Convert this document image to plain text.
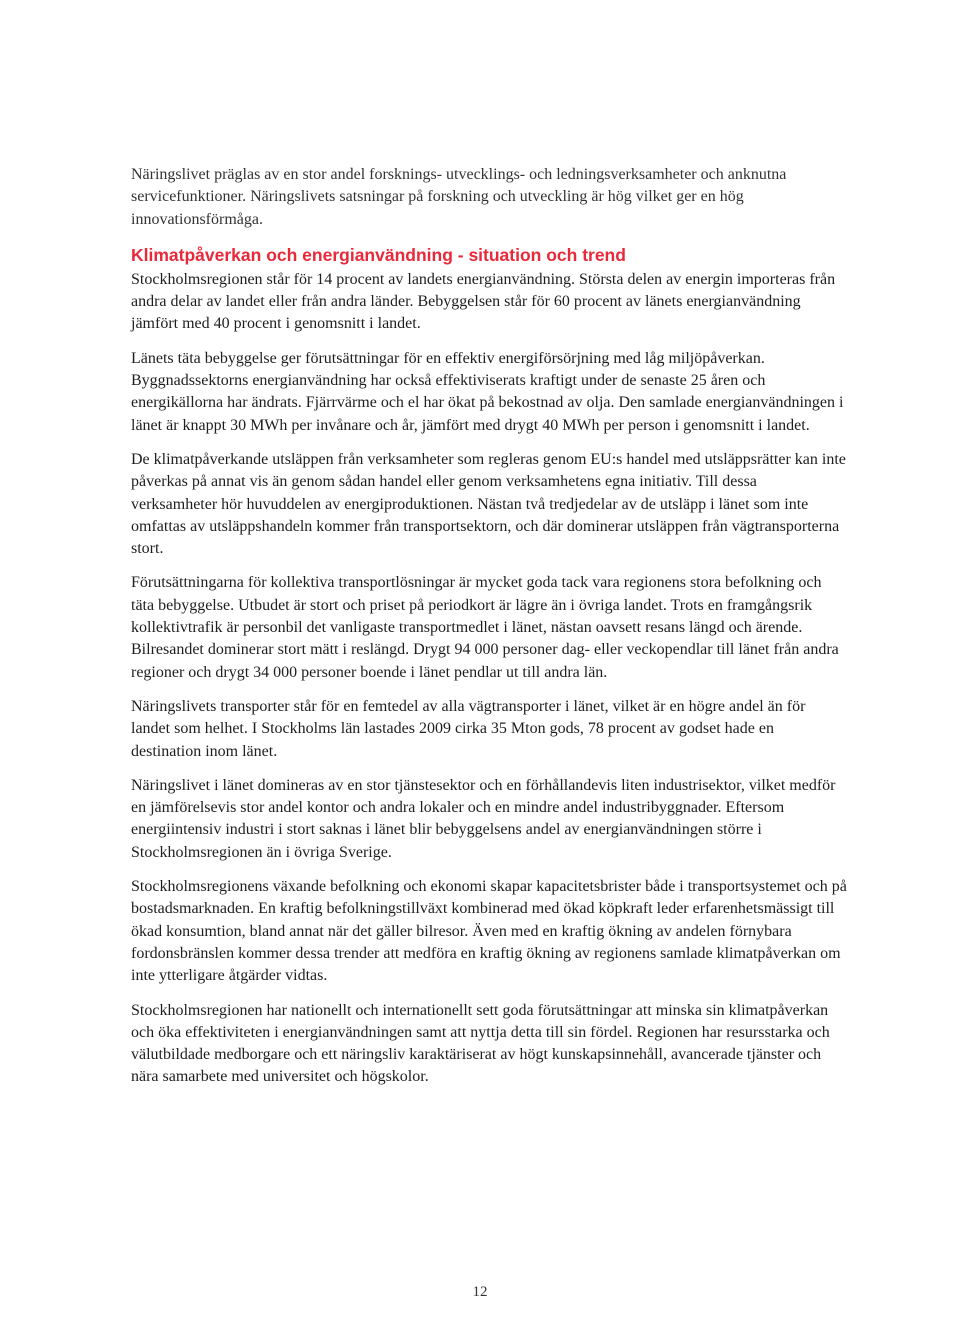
Näringslivet präglas av en stor andel forsknings- utvecklings- och ledningsverksamheter och anknutna servicefunktioner. Näringslivets satsningar på forskning och utveckling är hög vilket ger en hög innovationsförmåga.

Klimatpåverkan och energianvändning - situation och trend

Stockholmsregionen står för 14 procent av landets energianvändning. Största delen av energin importeras från andra delar av landet eller från andra länder. Bebyggelsen står för 60 procent av länets energianvändning jämfört med 40 procent i genomsnitt i landet.

Länets täta bebyggelse ger förutsättningar för en effektiv energiförsörjning med låg miljöpåverkan. Byggnadssektorns energianvändning har också effektiviserats kraftigt under de senaste 25 åren och energikällorna har ändrats. Fjärrvärme och el har ökat på bekostnad av olja. Den samlade energianvändningen i länet är knappt 30 MWh per invånare och år, jämfört med drygt 40 MWh per person i genomsnitt i landet.

De klimatpåverkande utsläppen från verksamheter som regleras genom EU:s handel med utsläppsrätter kan inte påverkas på annat vis än genom sådan handel eller genom verksamhetens egna initiativ. Till dessa verksamheter hör huvuddelen av energiproduktionen. Nästan två tredjedelar av de utsläpp i länet som inte omfattas av utsläppshandeln kommer från transportsektorn, och där dominerar utsläppen från vägtransporterna stort.

Förutsättningarna för kollektiva transportlösningar är mycket goda tack vara regionens stora befolkning och täta bebyggelse. Utbudet är stort och priset på periodkort är lägre än i övriga landet. Trots en framgångsrik kollektivtrafik är personbil det vanligaste transportmedlet i länet, nästan oavsett resans längd och ärende. Bilresandet dominerar stort mätt i reslängd. Drygt 94 000 personer dag- eller veckopendlar till länet från andra regioner och drygt 34 000 personer boende i länet pendlar ut till andra län.

Näringslivets transporter står för en femtedel av alla vägtransporter i länet, vilket är en högre andel än för landet som helhet. I Stockholms län lastades 2009 cirka 35 Mton gods, 78 procent av godset hade en destination inom länet.

Näringslivet i länet domineras av en stor tjänstesektor och en förhållandevis liten industrisektor, vilket medför en jämförelsevis stor andel kontor och andra lokaler och en mindre andel industribyggnader. Eftersom energiintensiv industri i stort saknas i länet blir bebyggelsens andel av energianvändningen större i Stockholmsregionen än i övriga Sverige.

Stockholmsregionens växande befolkning och ekonomi skapar kapacitetsbrister både i transportsystemet och på bostadsmarknaden. En kraftig befolkningstillväxt kombinerad med ökad köpkraft leder erfarenhetsmässigt till ökad konsumtion, bland annat när det gäller bilresor. Även med en kraftig ökning av andelen förnybara fordonsbränslen kommer dessa trender att medföra en kraftig ökning av regionens samlade klimatpåverkan om inte ytterligare åtgärder vidtas.

Stockholmsregionen har nationellt och internationellt sett goda förutsättningar att minska sin klimatpåverkan och öka effektiviteten i energianvändningen samt att nyttja detta till sin fördel. Regionen har resursstarka och välutbildade medborgare och ett näringsliv karaktäriserat av högt kunskapsinnehåll, avancerade tjänster och nära samarbete med universitet och högskolor.

12
